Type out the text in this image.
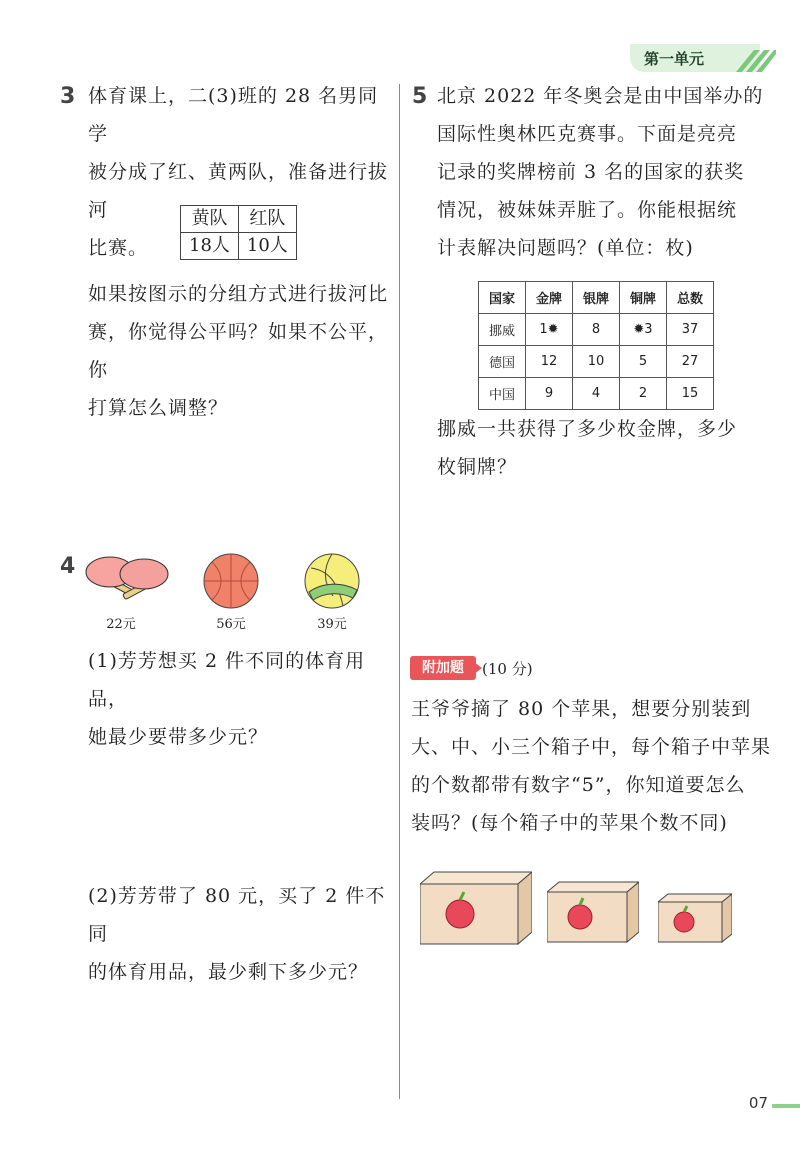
第一单元
3 体育课上，二(3)班的 28 名男同学
被分成了红、黄两队，准备进行拔河
比赛。
黄队	红队
18人	10人
如果按图示的分组方式进行拔河比
赛，你觉得公平吗？如果不公平，你
打算怎么调整？
4
22元	56元	39元
(1)芳芳想买 2 件不同的体育用品，
她最少要带多少元？
(2)芳芳带了 80 元，买了 2 件不同
的体育用品，最少剩下多少元？
5 北京 2022 年冬奥会是由中国举办的
国际性奥林匹克赛事。下面是亮亮
记录的奖牌榜前 3 名的国家的获奖
情况，被妹妹弄脏了。你能根据统
计表解决问题吗？(单位：枚)
国家	金牌	银牌	铜牌	总数
挪威	1✹	8	✹3	37
德国	12	10	5	27
中国	9	4	2	15
挪威一共获得了多少枚金牌，多少
枚铜牌？
附加题	(10 分)
王爷爷摘了 80 个苹果，想要分别装到
大、中、小三个箱子中，每个箱子中苹果
的个数都带有数字“5”，你知道要怎么
装吗？(每个箱子中的苹果个数不同)
07
